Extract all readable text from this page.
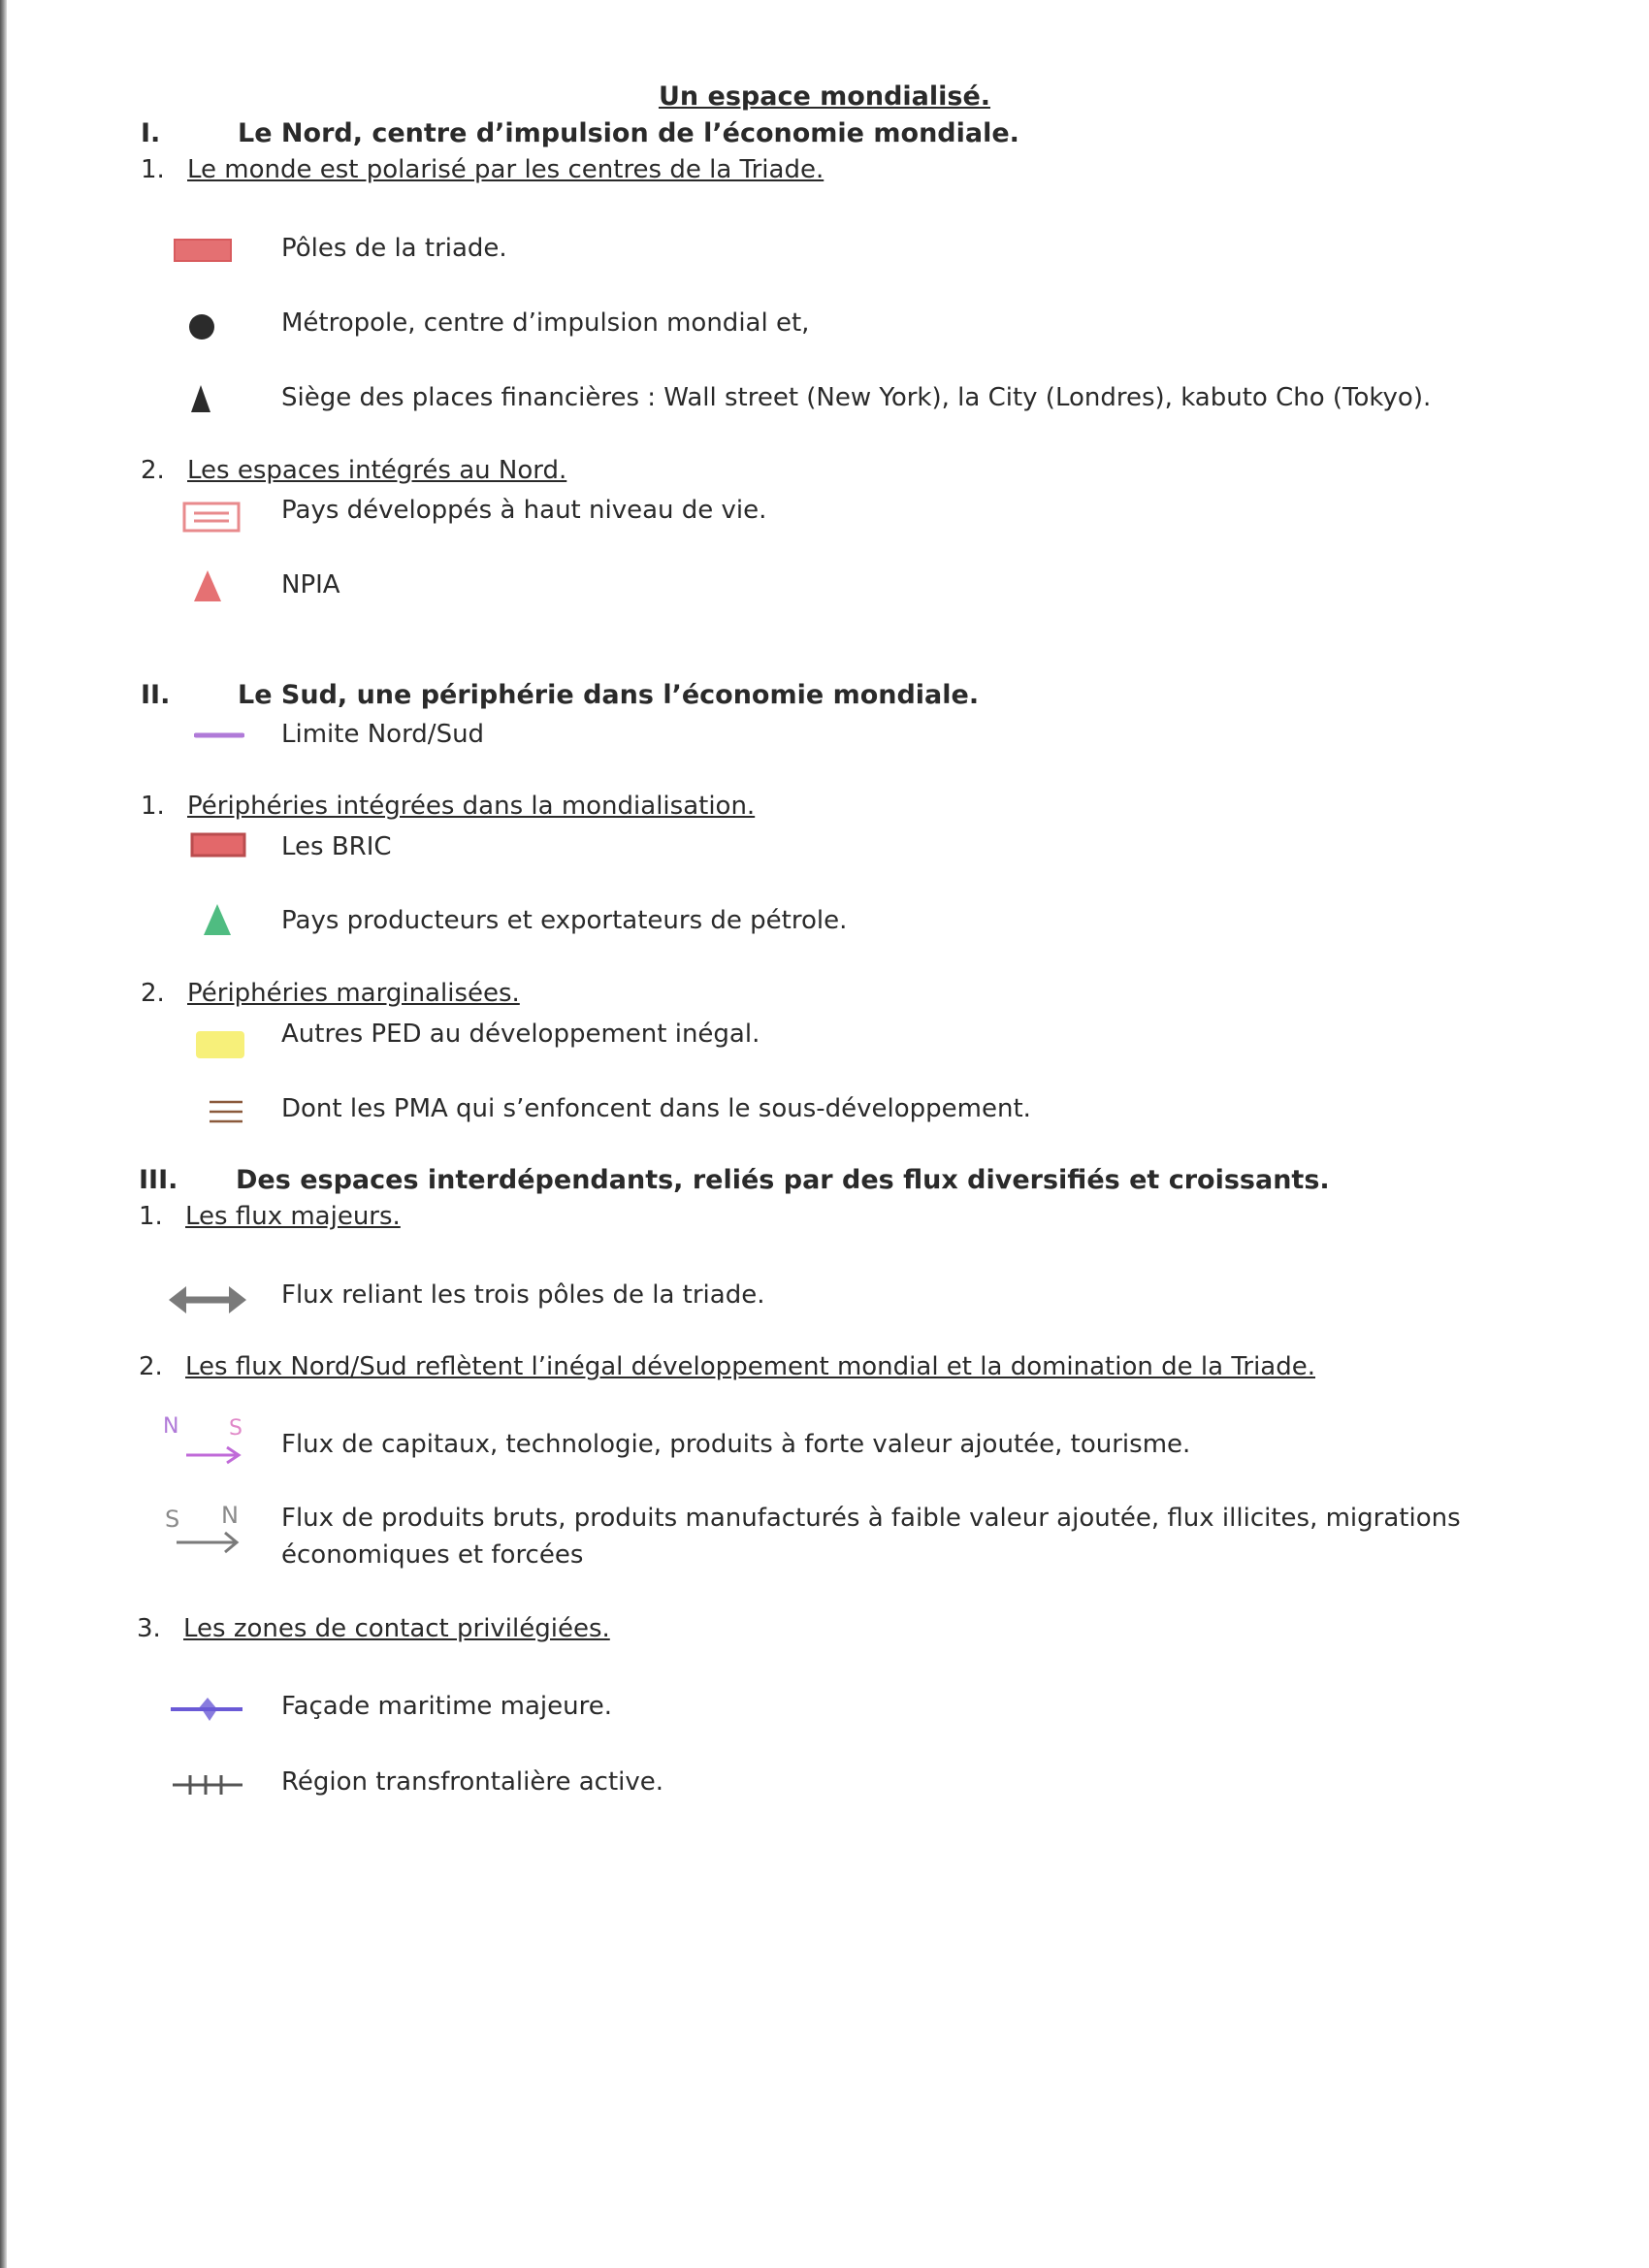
Un espace mondialisé.
I.	Le Nord, centre d’impulsion de l’économie mondiale.
1. Le monde est polarisé par les centres de la Triade.
Pôles de la triade.
Métropole, centre d’impulsion mondial et,
Siège des places financières : Wall street (New York), la City (Londres), kabuto Cho (Tokyo).
2. Les espaces intégrés au Nord.
Pays développés à haut niveau de vie.
NPIA
II.	Le Sud, une périphérie dans l’économie mondiale.
Limite Nord/Sud
1. Périphéries intégrées dans la mondialisation.
Les BRIC
Pays producteurs et exportateurs de pétrole.
2. Périphéries marginalisées.
Autres PED au développement inégal.
Dont les PMA qui s’enfoncent dans le sous-développement.
III. Des espaces interdépendants, reliés par des flux diversifiés et croissants.
1. Les flux majeurs.
Flux reliant les trois pôles de la triade.
2. Les flux Nord/Sud reflètent l’inégal développement mondial et la domination de la Triade.
N S
Flux de capitaux, technologie, produits à forte valeur ajoutée, tourisme.
S N Flux de produits bruts, produits manufacturés à faible valeur ajoutée, flux illicites, migrations
économiques et forcées
3. Les zones de contact privilégiées.
Façade maritime majeure.
Région transfrontalière active.
